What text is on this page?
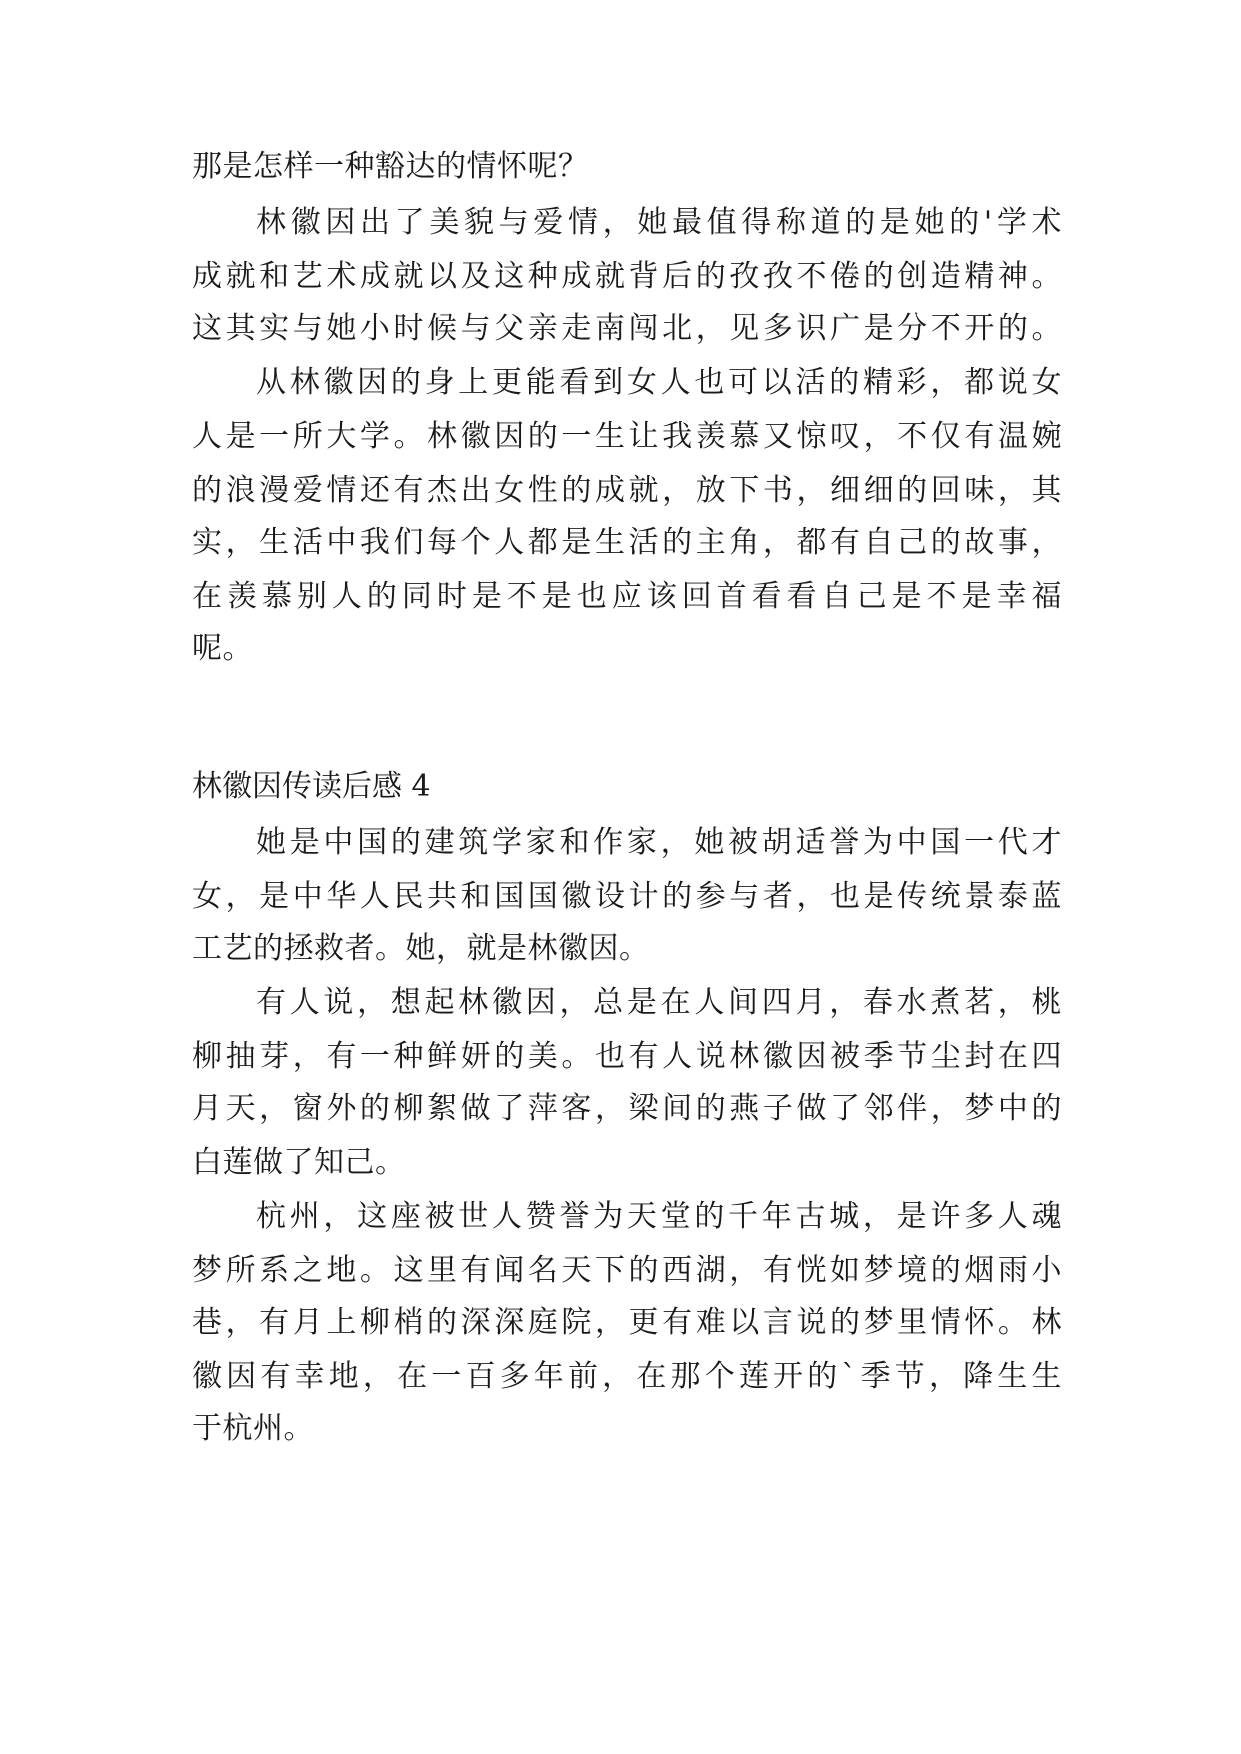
那是怎样一种豁达的情怀呢？
林徽因出了美貌与爱情，她最值得称道的是她的'学术
成就和艺术成就以及这种成就背后的孜孜不倦的创造精神。
这其实与她小时候与父亲走南闯北，见多识广是分不开的。
从林徽因的身上更能看到女人也可以活的精彩，都说女
人是一所大学。林徽因的一生让我羡慕又惊叹，不仅有温婉
的浪漫爱情还有杰出女性的成就，放下书，细细的回味，其
实，生活中我们每个人都是生活的主角，都有自己的故事，
在羡慕别人的同时是不是也应该回首看看自己是不是幸福
呢。
林徽因传读后感 4
她是中国的建筑学家和作家，她被胡适誉为中国一代才
女，是中华人民共和国国徽设计的参与者，也是传统景泰蓝
工艺的拯救者。她，就是林徽因。
有人说，想起林徽因，总是在人间四月，春水煮茗，桃
柳抽芽，有一种鲜妍的美。也有人说林徽因被季节尘封在四
月天，窗外的柳絮做了萍客，梁间的燕子做了邻伴，梦中的
白莲做了知己。
杭州，这座被世人赞誉为天堂的千年古城，是许多人魂
梦所系之地。这里有闻名天下的西湖，有恍如梦境的烟雨小
巷，有月上柳梢的深深庭院，更有难以言说的梦里情怀。林
徽因有幸地，在一百多年前，在那个莲开的`季节，降生生
于杭州。
